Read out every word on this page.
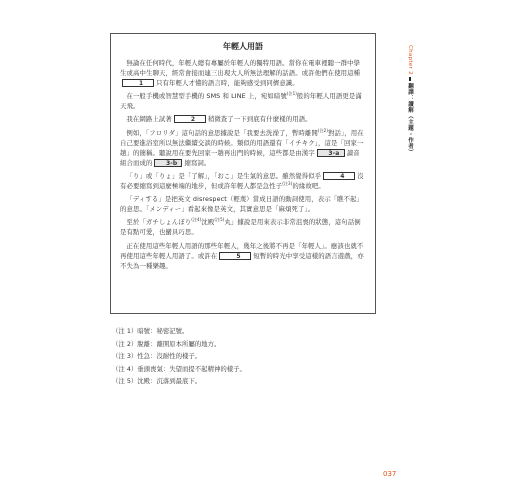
年輕人用語

無論在任何時代，年輕人總有專屬於年輕人的獨特用語。當你在電車裡聽一群中學生或高中生聊天，經常會接而連三出現大人所無法理解的話語。或許他們在使用這種1 只有年輕人才懂的語言時，能夠感受到同儕意識。

在一般手機或智慧型手機的 SMS 和 LINE 上，宛如暗號$^{(注1)}$般的年輕人用語更是滿天飛。

我在網路上試著	2 稍微查了一下到底有什麼樣的用語。

例如，「フロリダ」這句話的意思據說是「我要去洗澡了，暫時離開$^{(注2)}$對話」，用在自己要進浴室所以無法繼續交談的時候。類似的用語還有「イチキク」，這是「回家一趟」的簡稱。聽說用在要先回家一趟再出門的時候，這些都是由漢字 3-a 讀音組合而成的 3-b 縮寫詞。

「り」或「りょ」是「了解」，「おこ」是生氣的意思。雖然覺得似乎	4 沒有必要縮寫到這麼極端的地步，但或許年輕人都是急性子$^{(注3)}$的緣故吧。

「ディする」是把英文 disrespect（輕蔑）當成日語的動詞使用，表示「瞧不起」的意思。「メンディー」看起來像是英文，其實意思是「麻煩死了」。

至於「ガチしょんぼり$^{(注4)}$沈殿$^{(注5)}$丸」據說是用來表示非常沮喪的狀態，這句話倒是有點可愛，也蠻具巧思。

正在使用這些年輕人用語的那些年輕人，幾年之後將不再是「年輕人」。應該也就不再使用這些年輕人用語了。或許在	5 短暫的時光中享受這樣的語言遊戲，亦不失為一種樂趣。

（注 1）暗號：秘密記號。
（注 2）脫離：離開原本所屬的地方。
（注 3）性急：沒耐性的樣子。
（注 4）垂頭喪氣：失望而提不起精神的樣子。
（注 5）沈殿：沉落到最底下。
Chapter 2
翻譯：讀解（主題・作者）
037
